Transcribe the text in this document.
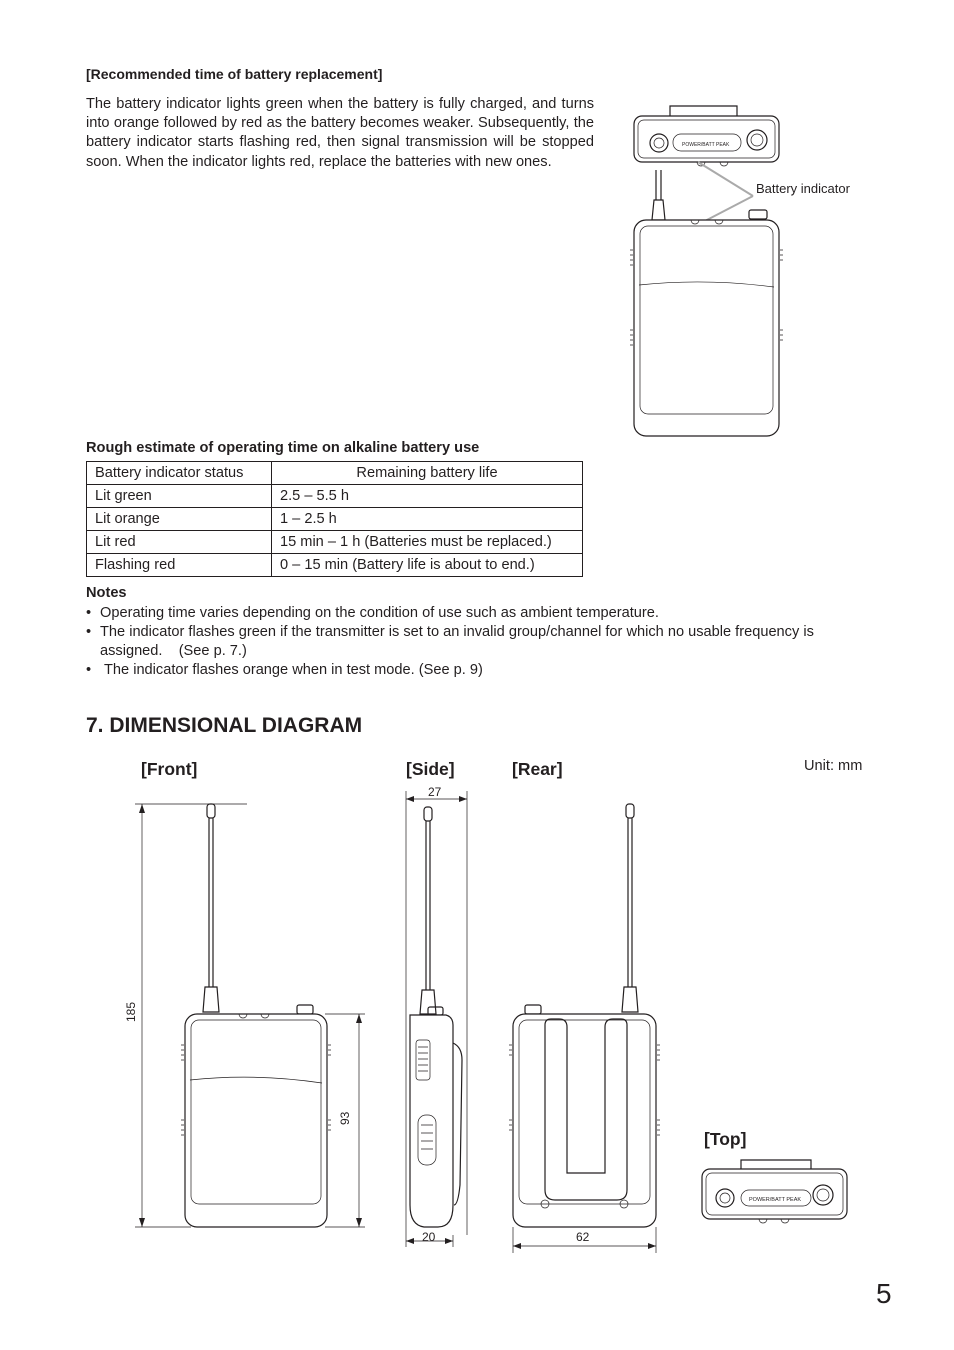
[Recommended time of battery replacement]
The battery indicator lights green when the battery is fully charged, and turns into orange followed by red as the battery becomes weaker. Subsequently, the battery indicator starts flashing red, then signal transmission will be stopped soon. When the indicator lights red, replace the batteries with new ones.
POWER/BATT PEAK
Battery indicator
Rough estimate of operating time on alkaline battery use
Battery indicator status	Remaining battery life
Lit green	2.5 – 5.5 h
Lit orange	1 – 2.5 h
Lit red	15 min – 1 h (Batteries must be replaced.)
Flashing red	0 – 15 min (Battery life is about to end.)
Notes
• Operating time varies depending on the condition of use such as ambient temperature.
• The indicator flashes green if the transmitter is set to an invalid group/channel for which no usable frequency is assigned.    (See p. 7.)
• The indicator flashes orange when in test mode. (See p. 9)
7. DIMENSIONAL DIAGRAM
[Front]	[Side]	[Rear]
[Top]
Unit: mm
185
93
27
20	62
POWER/BATT PEAK
5
